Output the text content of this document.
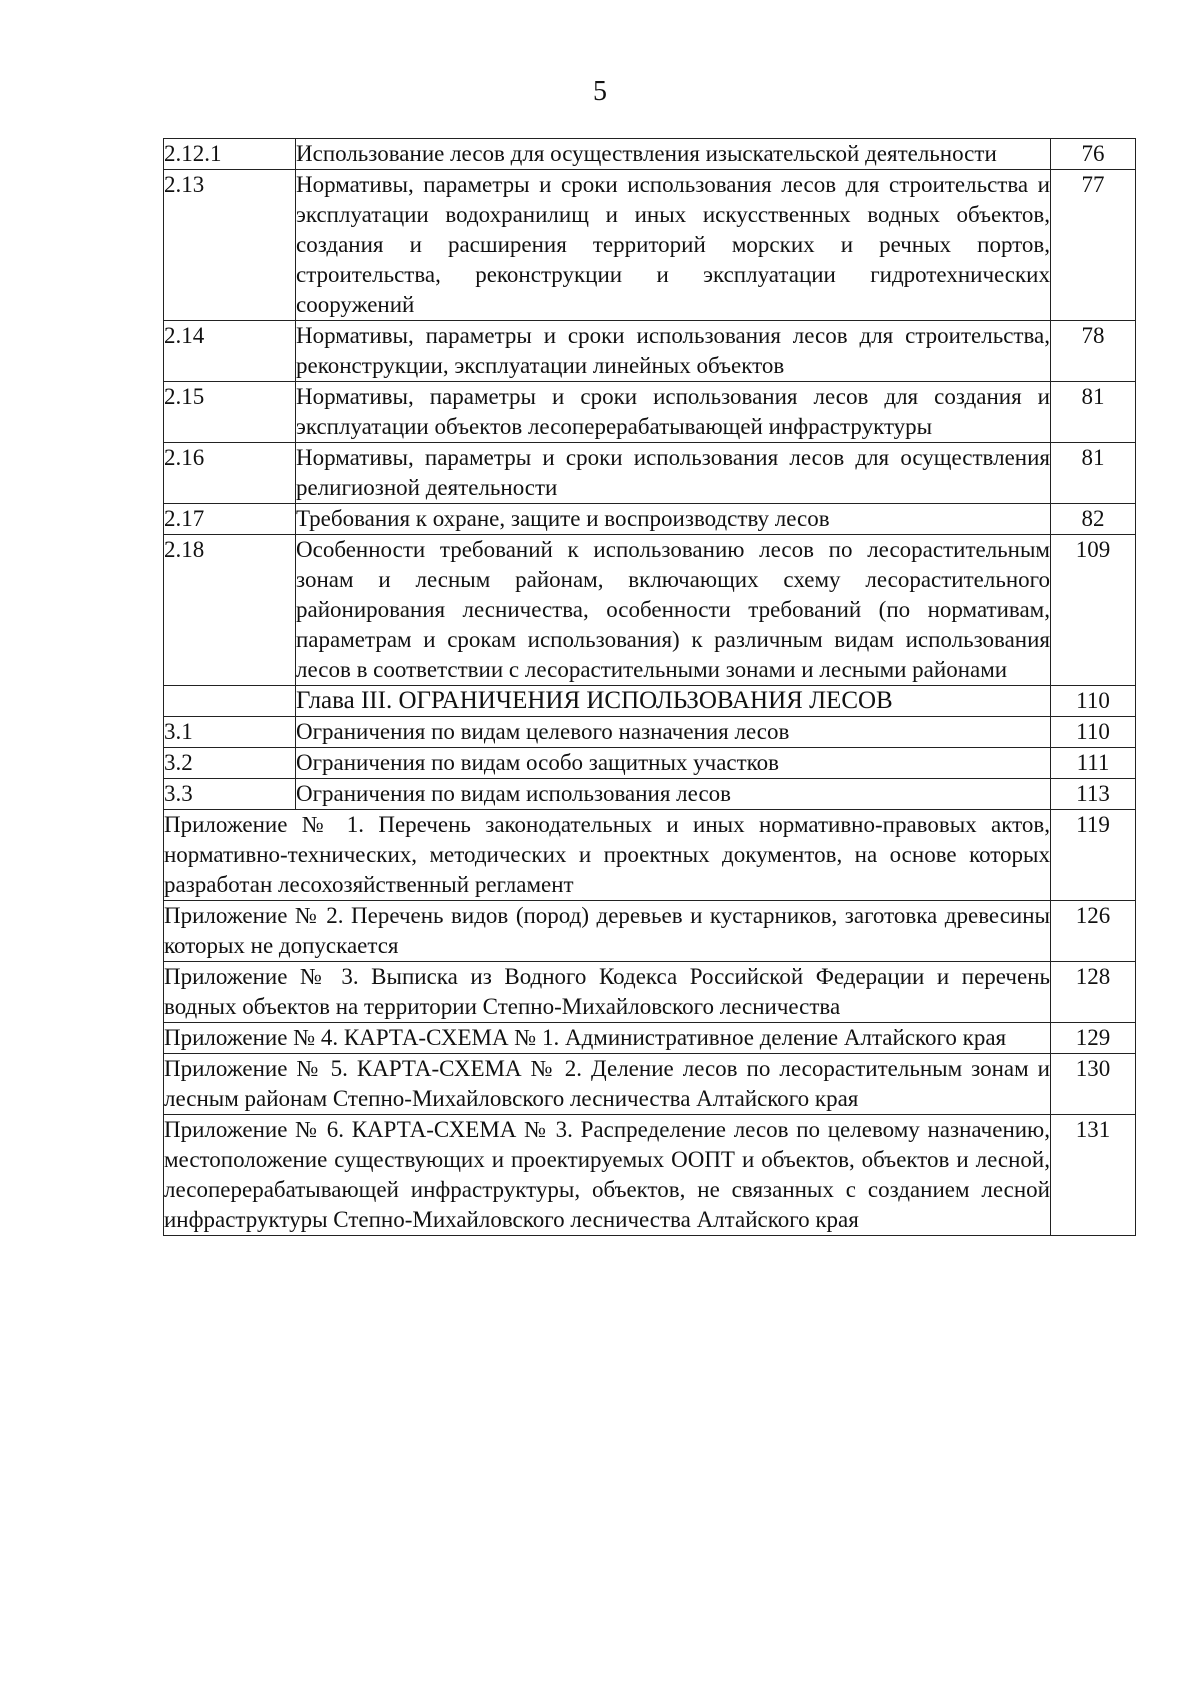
5
2.12.1	Использование лесов для осуществления изыскательской деятельности	76
2.13	Нормативы, параметры и сроки использования лесов для строительства и эксплуатации водохранилищ и иных искусственных водных объектов, создания и расширения территорий морских и речных портов, строительства, реконструкции и эксплуатации гидротехнических сооружений	77
2.14	Нормативы, параметры и сроки использования лесов для строительства, реконструкции, эксплуатации линейных объектов	78
2.15	Нормативы, параметры и сроки использования лесов для создания и эксплуатации объектов лесоперерабатывающей инфраструктуры	81
2.16	Нормативы, параметры и сроки использования лесов для осуществления религиозной деятельности	81
2.17	Требования к охране, защите и воспроизводству лесов	82
2.18	Особенности требований к использованию лесов по лесорастительным зонам и лесным районам, включающих схему лесорастительного районирования лесничества, особенности требований (по нормативам, параметрам и срокам использования) к различным видам использования лесов в соответствии с лесорастительными зонами и лесными районами	109
	Глава III. ОГРАНИЧЕНИЯ ИСПОЛЬЗОВАНИЯ ЛЕСОВ	110
3.1	Ограничения по видам целевого назначения лесов	110
3.2	Ограничения по видам особо защитных участков	111
3.3	Ограничения по видам использования лесов	113
Приложение № 1. Перечень законодательных и иных нормативно-правовых актов, нормативно-технических, методических и проектных документов, на основе которых разработан лесохозяйственный регламент		119
Приложение № 2. Перечень видов (пород) деревьев и кустарников, заготовка древесины которых не допускается		126
Приложение № 3. Выписка из Водного Кодекса Российской Федерации и перечень водных объектов на территории Степно-Михайловского лесничества		128
Приложение № 4. КАРТА-СХЕМА № 1. Административное деление Алтайского края		129
Приложение № 5. КАРТА-СХЕМА № 2. Деление лесов по лесорастительным зонам и лесным районам Степно-Михайловского лесничества Алтайского края		130
Приложение № 6. КАРТА-СХЕМА № 3. Распределение лесов по целевому назначению, местоположение существующих и проектируемых ООПТ и объектов, объектов и лесной, лесоперерабатывающей инфраструктуры, объектов, не связанных с созданием лесной инфраструктуры Степно-Михайловского лесничества Алтайского края		131
